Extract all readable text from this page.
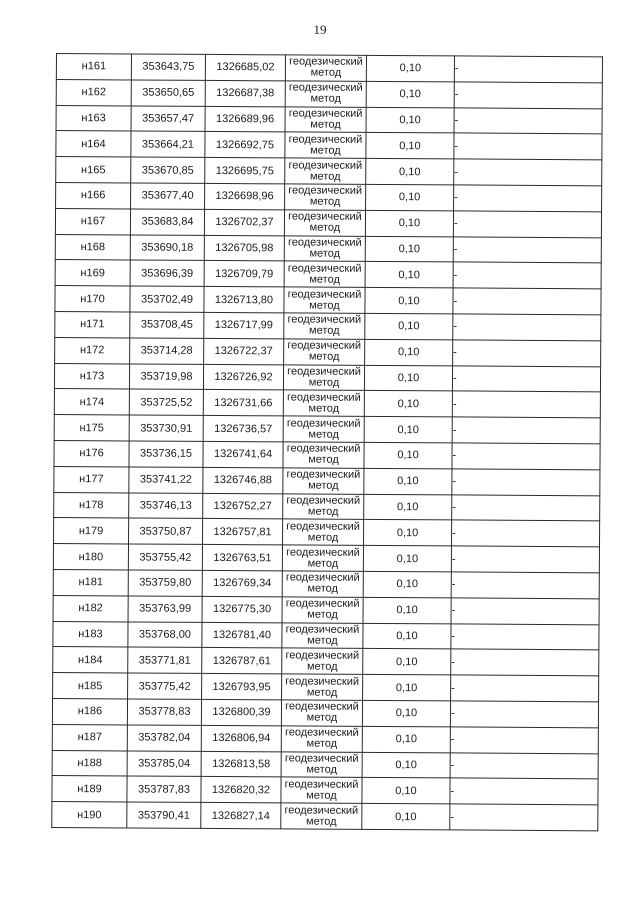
19
н161	353643,75	1326685,02	геодезический
метод	0,10	-
н162	353650,65	1326687,38	геодезический
метод	0,10	-
н163	353657,47	1326689,96	геодезический
метод	0,10	-
н164	353664,21	1326692,75	геодезический
метод	0,10	-
н165	353670,85	1326695,75	геодезический
метод	0,10	-
н166	353677,40	1326698,96	геодезический
метод	0,10	-
н167	353683,84	1326702,37	геодезический
метод	0,10	-
н168	353690,18	1326705,98	геодезический
метод	0,10	-
н169	353696,39	1326709,79	геодезический
метод	0,10	-
н170	353702,49	1326713,80	геодезический
метод	0,10	-
н171	353708,45	1326717,99	геодезический
метод	0,10	-
н172	353714,28	1326722,37	геодезический
метод	0,10	-
н173	353719,98	1326726,92	геодезический
метод	0,10	-
н174	353725,52	1326731,66	геодезический
метод	0,10	-
н175	353730,91	1326736,57	геодезический
метод	0,10	-
н176	353736,15	1326741,64	геодезический
метод	0,10	-
н177	353741,22	1326746,88	геодезический
метод	0,10	-
н178	353746,13	1326752,27	геодезический
метод	0,10	-
н179	353750,87	1326757,81	геодезический
метод	0,10	-
н180	353755,42	1326763,51	геодезический
метод	0,10	-
н181	353759,80	1326769,34	геодезический
метод	0,10	-
н182	353763,99	1326775,30	геодезический
метод	0,10	-
н183	353768,00	1326781,40	геодезический
метод	0,10	-
н184	353771,81	1326787,61	геодезический
метод	0,10	-
н185	353775,42	1326793,95	геодезический
метод	0,10	-
н186	353778,83	1326800,39	геодезический
метод	0,10	-
н187	353782,04	1326806,94	геодезический
метод	0,10	-
н188	353785,04	1326813,58	геодезический
метод	0,10	-
н189	353787,83	1326820,32	геодезический
метод	0,10	-
н190	353790,41	1326827,14	геодезический
метод	0,10	-
